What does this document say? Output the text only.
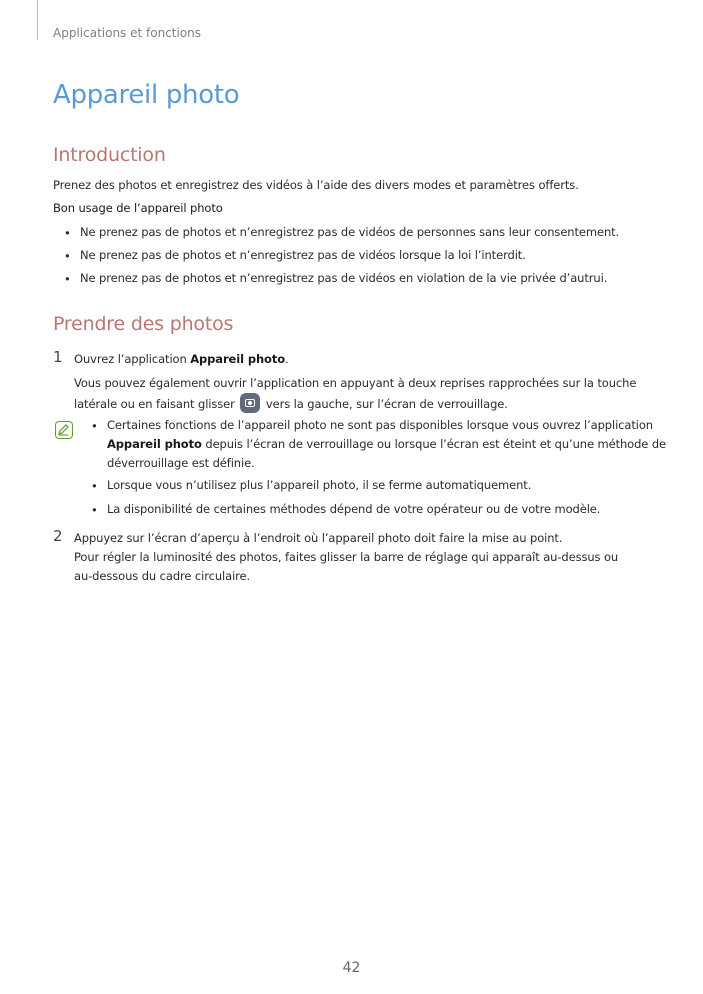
Applications et fonctions
Appareil photo
Introduction
Prenez des photos et enregistrez des vidéos à l’aide des divers modes et paramètres offerts.
Bon usage de l’appareil photo
• Ne prenez pas de photos et n’enregistrez pas de vidéos de personnes sans leur consentement.
• Ne prenez pas de photos et n’enregistrez pas de vidéos lorsque la loi l’interdit.
• Ne prenez pas de photos et n’enregistrez pas de vidéos en violation de la vie privée d’autrui.
Prendre des photos
1 Ouvrez l’application Appareil photo.
Vous pouvez également ouvrir l’application en appuyant à deux reprises rapprochées sur la touche
latérale ou en faisant glisser  vers la gauche, sur l’écran de verrouillage.
• Certaines fonctions de l’appareil photo ne sont pas disponibles lorsque vous ouvrez l’application
Appareil photo depuis l’écran de verrouillage ou lorsque l’écran est éteint et qu’une méthode de
déverrouillage est définie.
• Lorsque vous n’utilisez plus l’appareil photo, il se ferme automatiquement.
• La disponibilité de certaines méthodes dépend de votre opérateur ou de votre modèle.
2 Appuyez sur l’écran d’aperçu à l’endroit où l’appareil photo doit faire la mise au point.
Pour régler la luminosité des photos, faites glisser la barre de réglage qui apparaît au-dessus ou
au-dessous du cadre circulaire.
42
